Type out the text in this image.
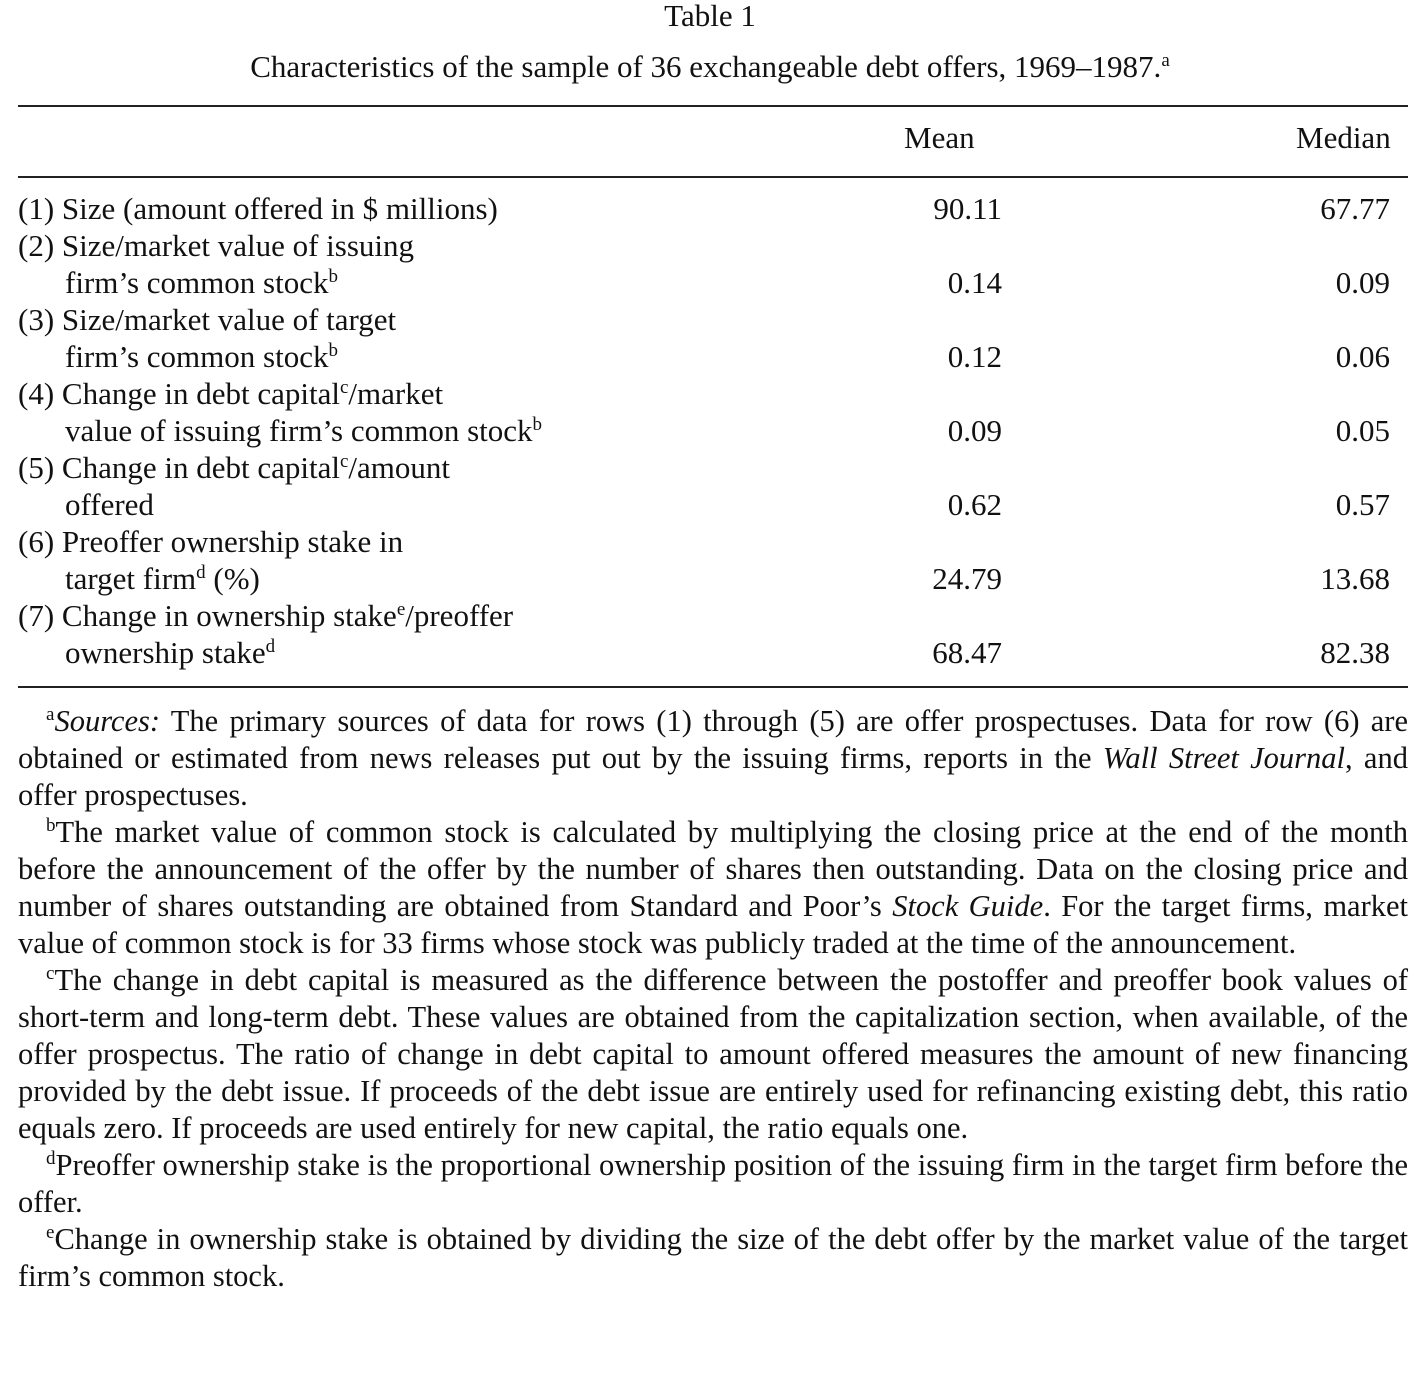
Table 1
Characteristics of the sample of 36 exchangeable debt offers, 1969–1987.$^a$
Mean	Median
(1) Size (amount offered in $ millions)	90.11	67.77
(2) Size/market value of issuing
firm’s common stock$^b$	0.14	0.09
(3) Size/market value of target
firm’s common stock$^b$	0.12	0.06
(4) Change in debt capital$^c$/market
value of issuing firm’s common stock$^b$	0.09	0.05
(5) Change in debt capital$^c$/amount
offered	0.62	0.57
(6) Preoffer ownership stake in
target firm$^d$ (%)	24.79	13.68
(7) Change in ownership stake$^e$/preoffer
ownership stake$^d$	68.47	82.38

$^a$Sources: The primary sources of data for rows (1) through (5) are offer prospectuses. Data for row (6) are obtained or estimated from news releases put out by the issuing firms, reports in the Wall Street Journal, and offer prospectuses.

$^b$The market value of common stock is calculated by multiplying the closing price at the end of the month before the announcement of the offer by the number of shares then outstanding. Data on the closing price and number of shares outstanding are obtained from Standard and Poor’s Stock Guide. For the target firms, market value of common stock is for 33 firms whose stock was publicly traded at the time of the announcement.

$^c$The change in debt capital is measured as the difference between the postoffer and preoffer book values of short-term and long-term debt. These values are obtained from the capitalization section, when available, of the offer prospectus. The ratio of change in debt capital to amount offered measures the amount of new financing provided by the debt issue. If proceeds of the debt issue are entirely used for refinancing existing debt, this ratio equals zero. If proceeds are used entirely for new capital, the ratio equals one.

$^d$Preoffer ownership stake is the proportional ownership position of the issuing firm in the target firm before the offer.

$^e$Change in ownership stake is obtained by dividing the size of the debt offer by the market value of the target firm’s common stock.
